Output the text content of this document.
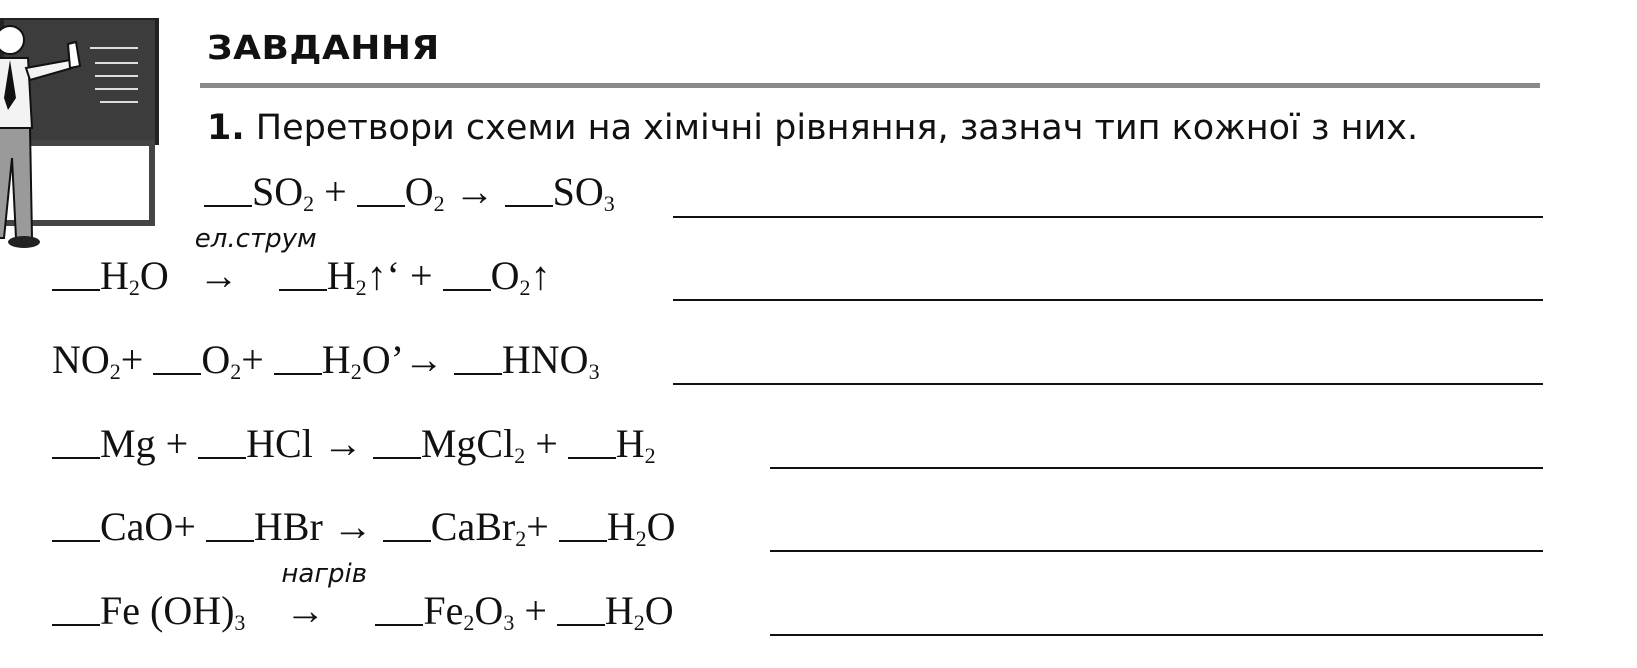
ЗАВДАННЯ
1. Перетвори схеми на хімічні рівняння, зазнач тип кожної з них.
$SO_2 + O_2 \to SO_3$
$H_2O$
ел.струм
→ $H_2↑‘$ + $O_2↑$
$NO_2+ O_2+$ $H_2O’\to HNO_3$
Mg + HCl → MgCl$_2$ + $H_2$
CaO+ HBr → CaBr$_2$+ $H_2O$
Fe $(OH)_3$
нагрів
→ $Fe_2O_3 + H_2O$
